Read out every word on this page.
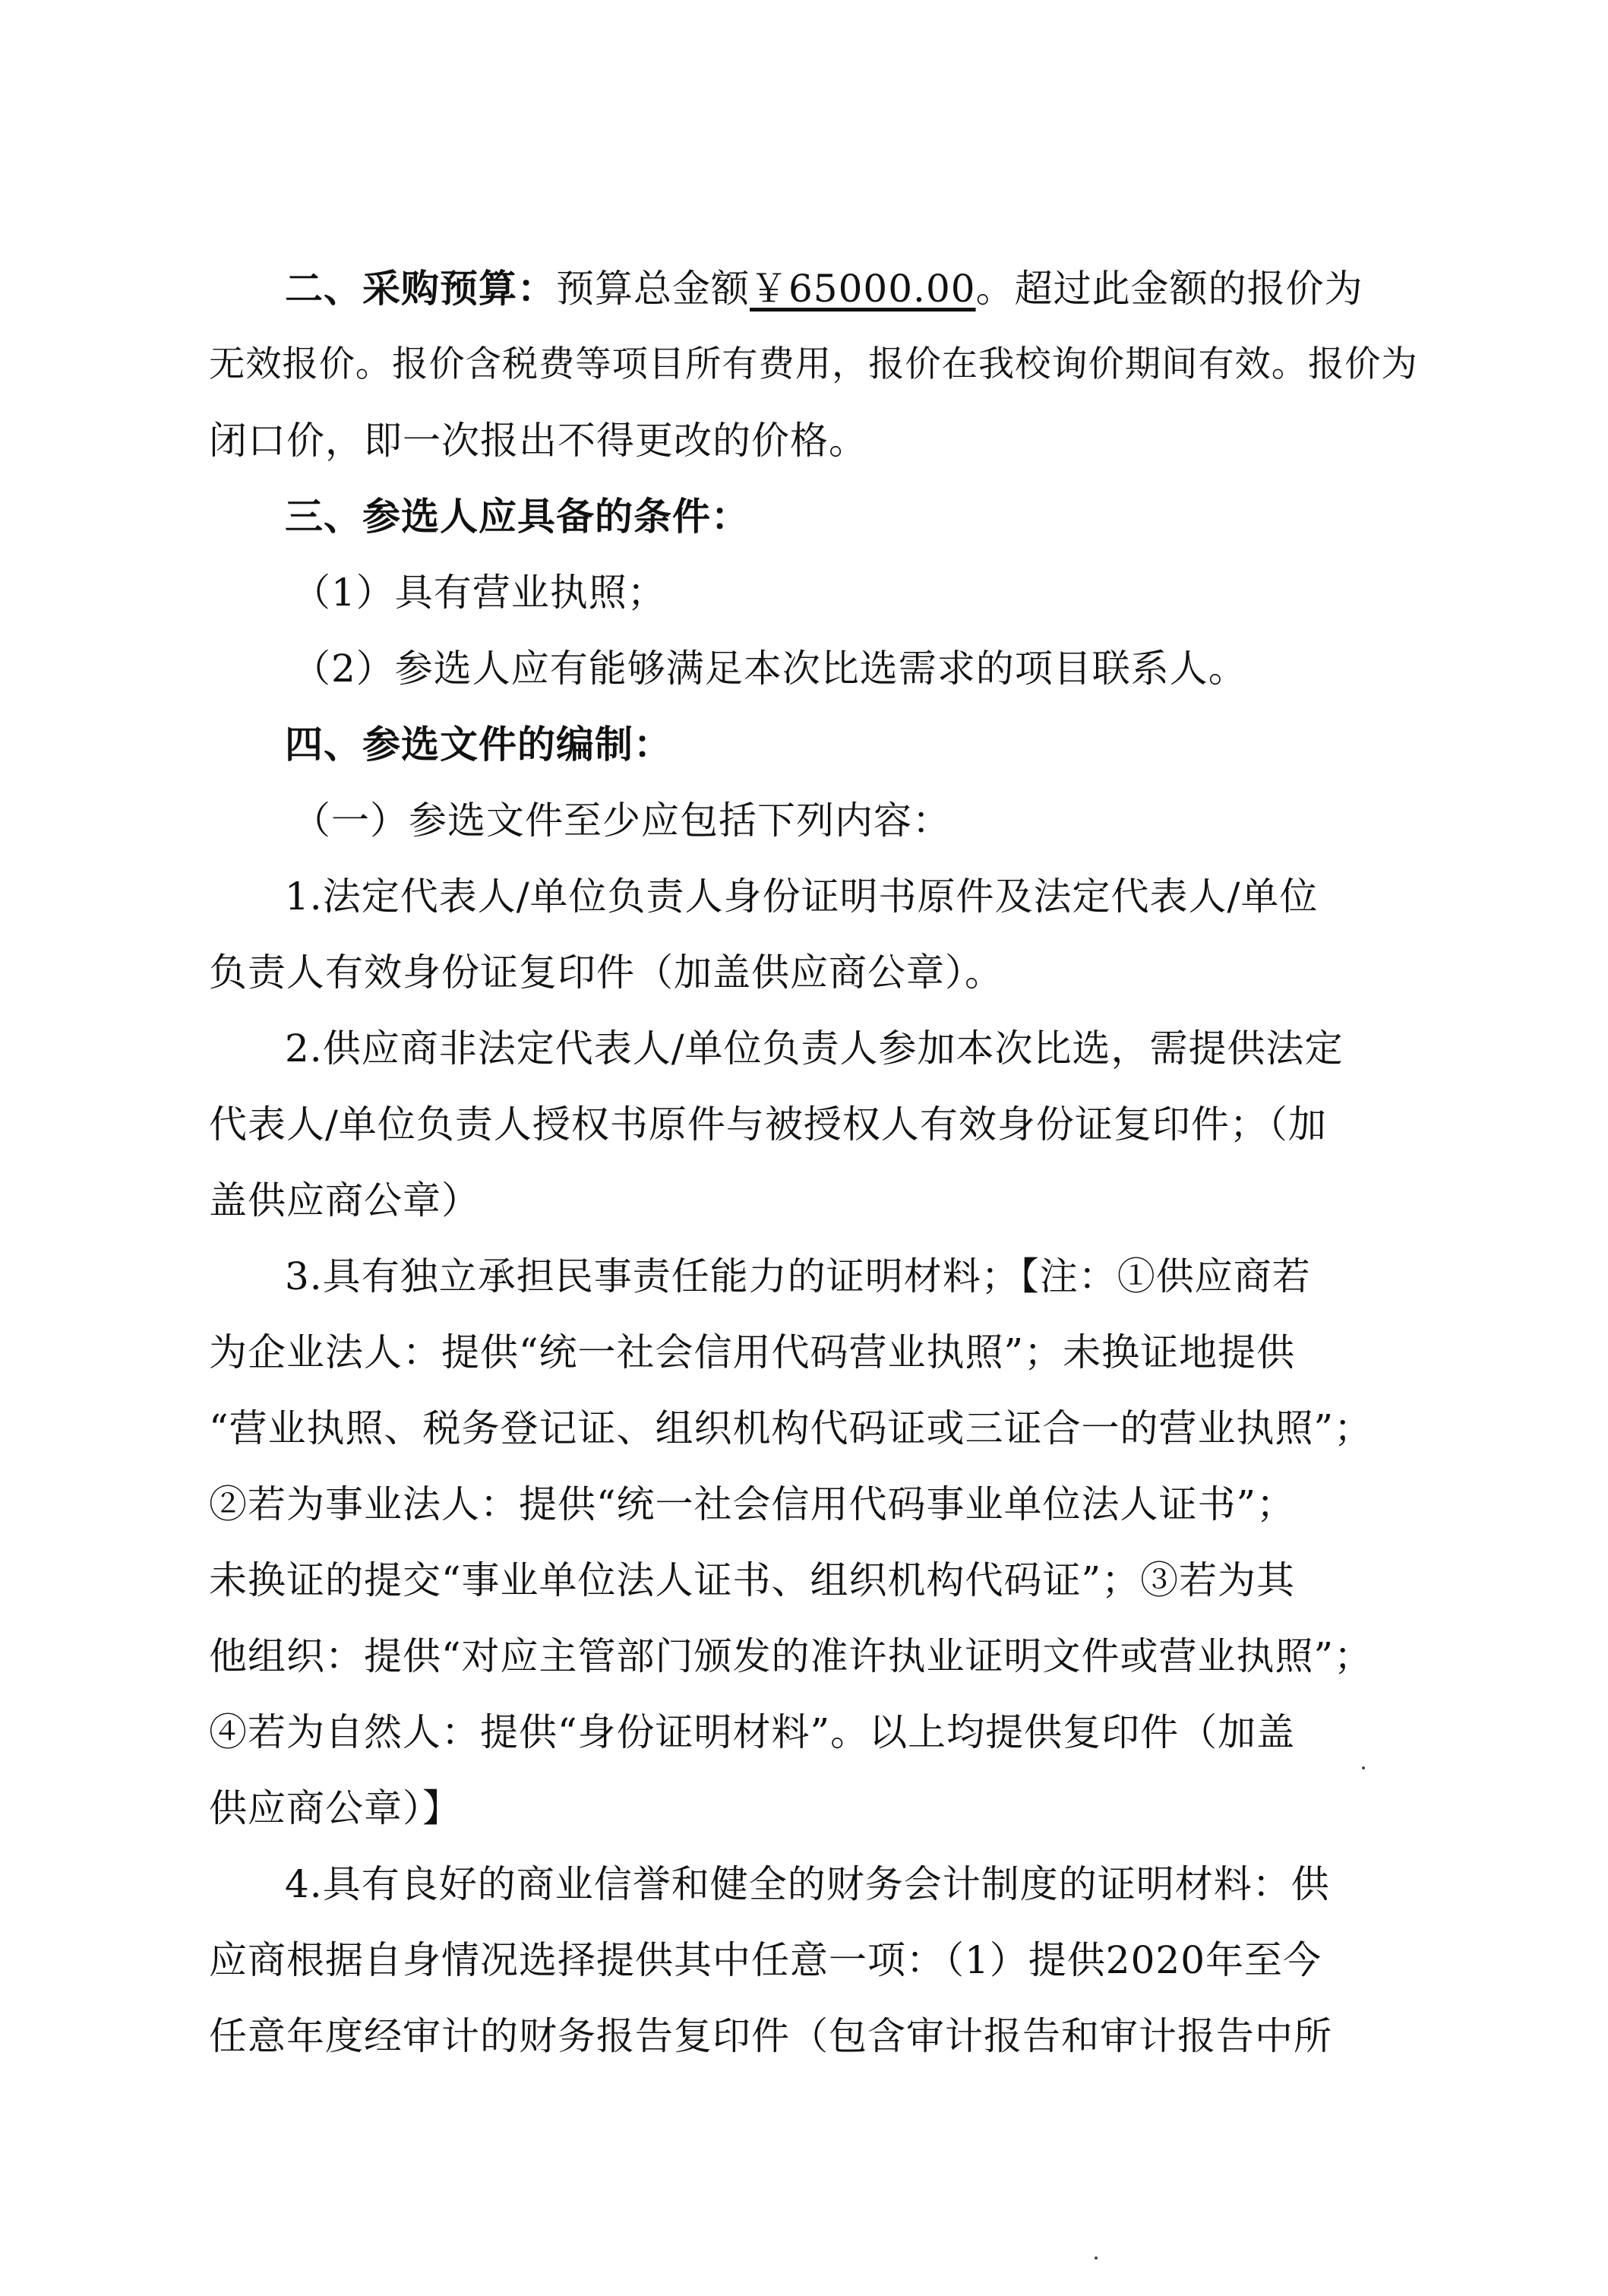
二、采购预算：预算总金额￥65000.00。超过此金额的报价为

无效报价。报价含税费等项目所有费用，报价在我校询价期间有效。报价为

闭口价，即一次报出不得更改的价格。

三、参选人应具备的条件：

（1）具有营业执照；

（2）参选人应有能够满足本次比选需求的项目联系人。

四、参选文件的编制：

（一）参选文件至少应包括下列内容：

1.法定代表人/单位负责人身份证明书原件及法定代表人/单位

负责人有效身份证复印件（加盖供应商公章）。

2.供应商非法定代表人/单位负责人参加本次比选，需提供法定

代表人/单位负责人授权书原件与被授权人有效身份证复印件；（加

盖供应商公章）

3.具有独立承担民事责任能力的证明材料；【注：①供应商若

为企业法人：提供“统一社会信用代码营业执照”；未换证地提供

“营业执照、税务登记证、组织机构代码证或三证合一的营业执照”；

②若为事业法人：提供“统一社会信用代码事业单位法人证书”；

未换证的提交“事业单位法人证书、组织机构代码证”；③若为其

他组织：提供“对应主管部门颁发的准许执业证明文件或营业执照”；

④若为自然人：提供“身份证明材料”。以上均提供复印件（加盖

供应商公章）】

4.具有良好的商业信誉和健全的财务会计制度的证明材料：供

应商根据自身情况选择提供其中任意一项：（1）提供2020年至今

任意年度经审计的财务报告复印件（包含审计报告和审计报告中所
